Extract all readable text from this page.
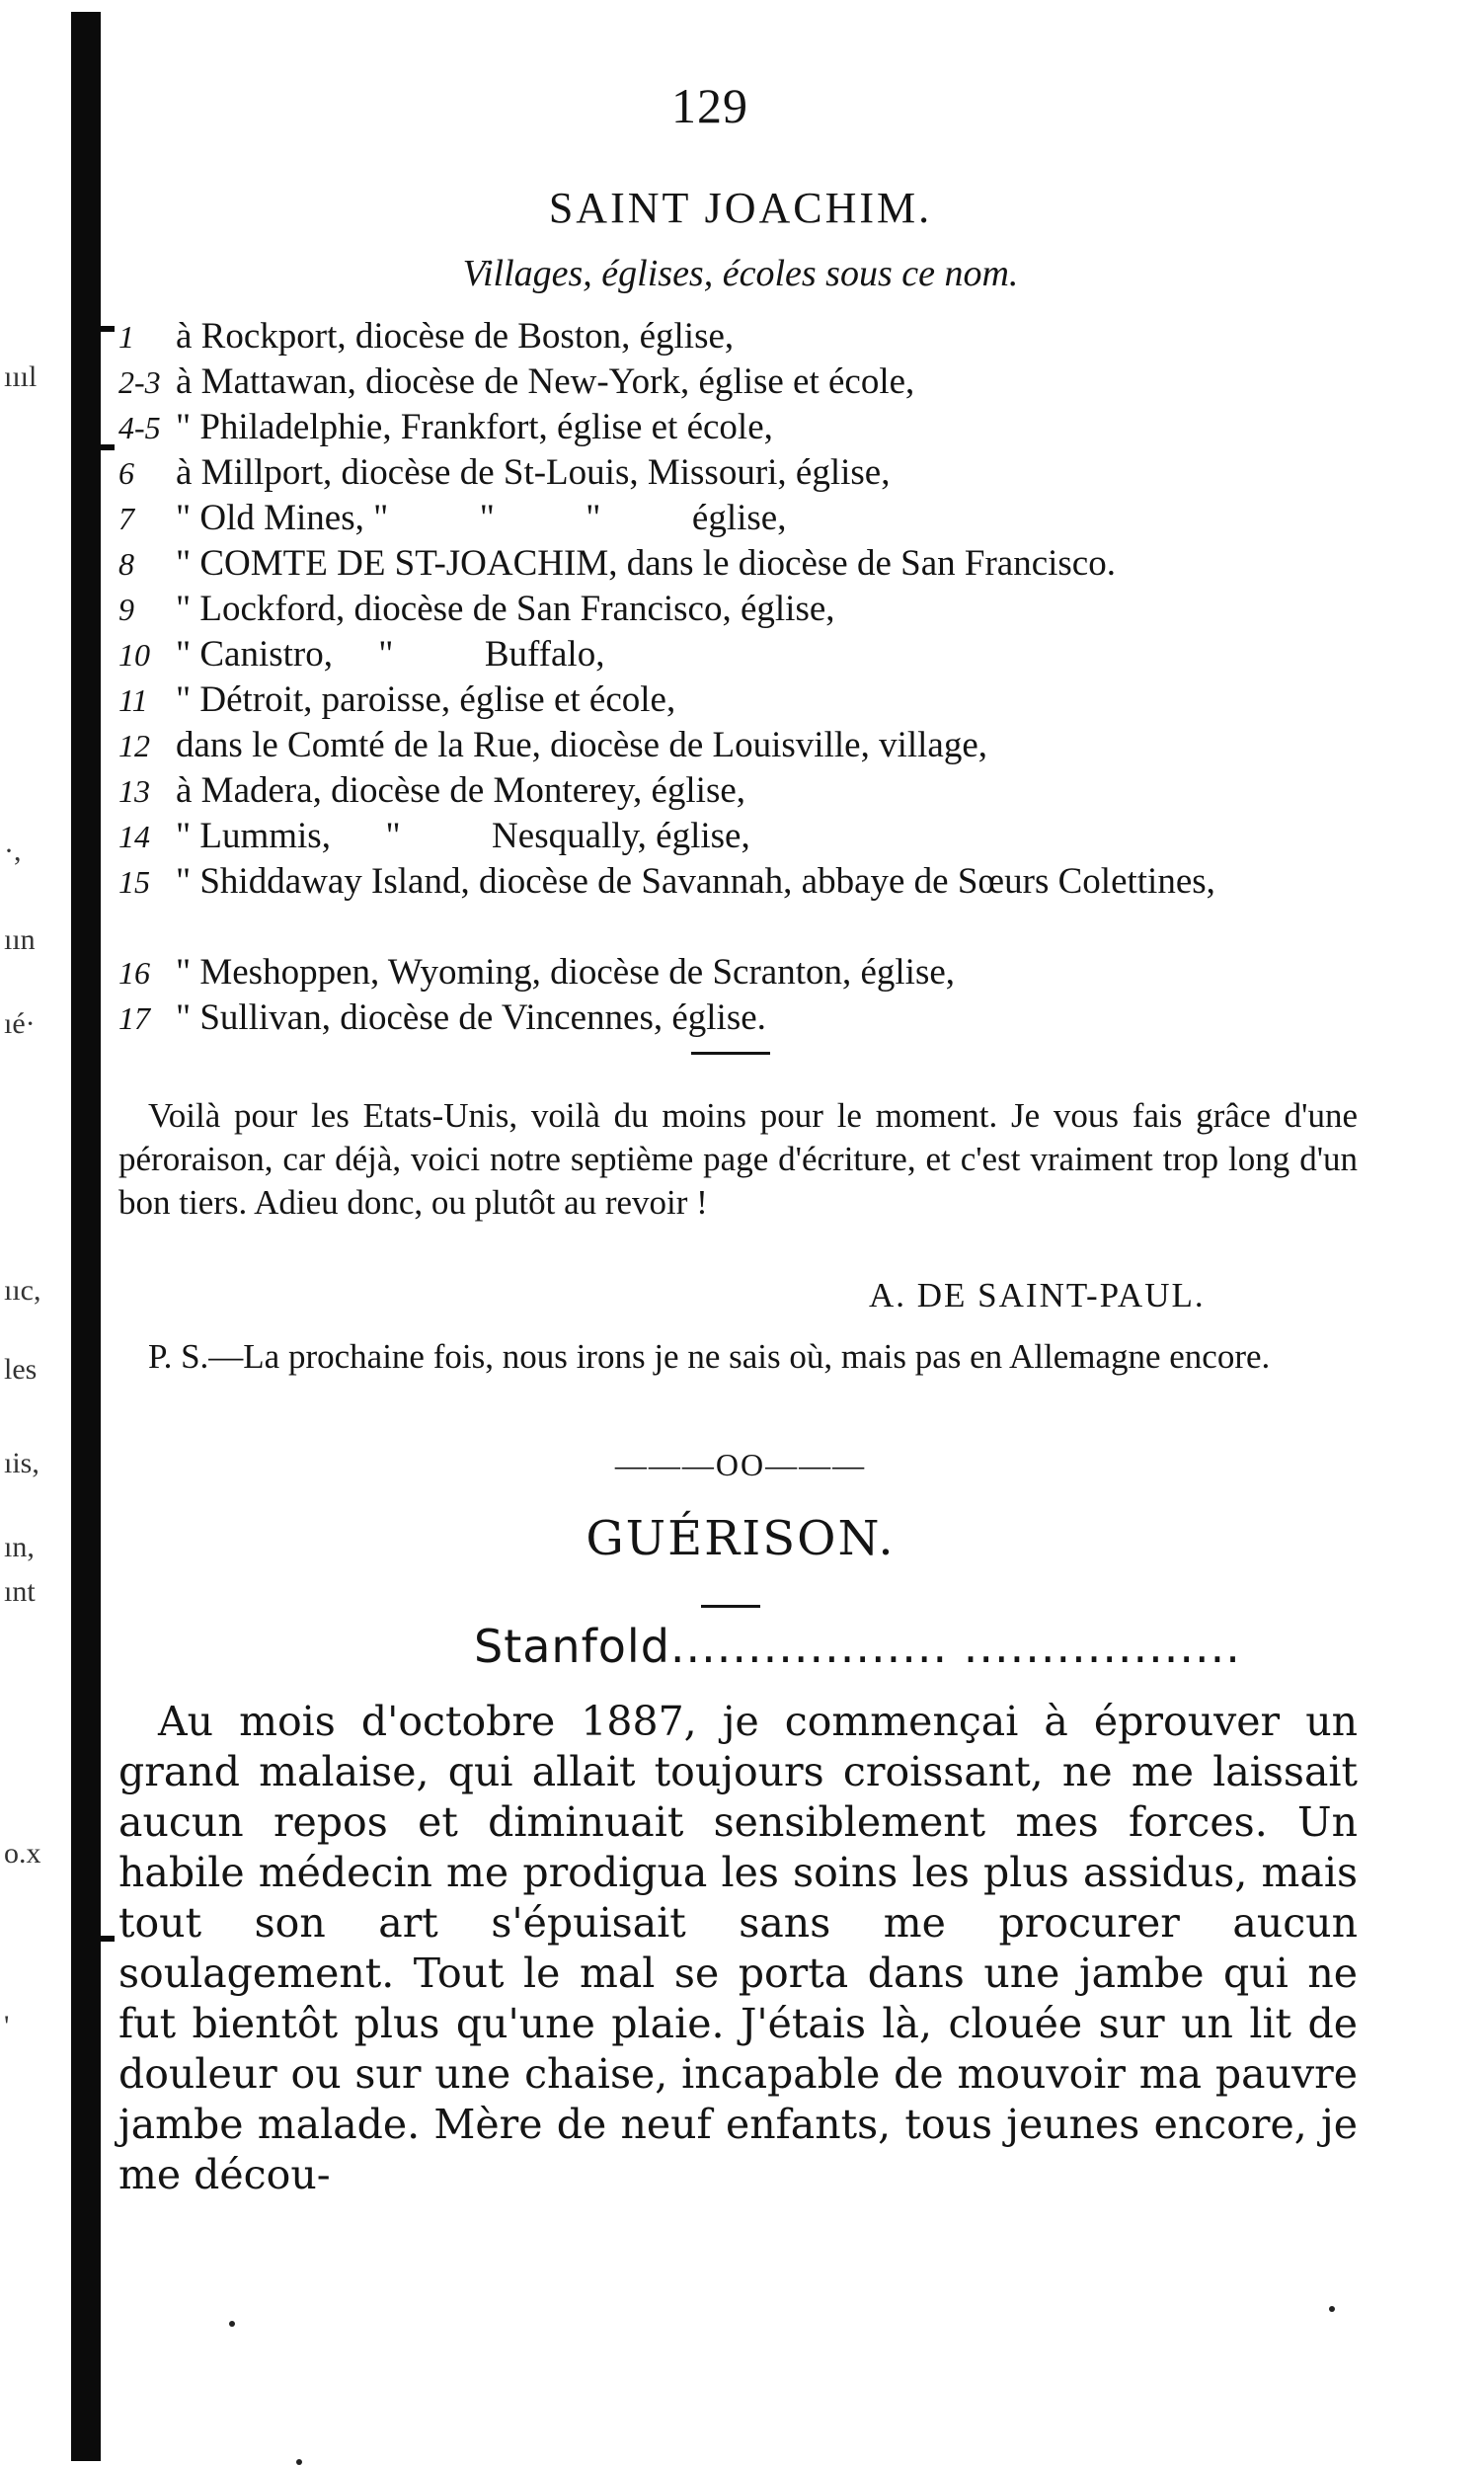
ıııl
·,
ıın
ıé·
ııc,
les
ıis,
ın,
ınt
o.x
'
129
SAINT JOACHIM.
Villages, églises, écoles sous ce nom.
1	à Rockport, diocèse de Boston, église,
2-3 à Mattawan, diocèse de New-York, église et école,
4-5 " Philadelphie, Frankfort, église et école,
6	à Millport, diocèse de St-Louis, Missouri, église,
7	" Old Mines, "          "          "          église,
8	" COMTE DE ST-JOACHIM, dans le diocèse de San Francisco.
9	" Lockford, diocèse de San Francisco, église,
10 " Canistro,     "          Buffalo,
11 " Détroit, paroisse, église et école,
12 dans le Comté de la Rue, diocèse de Louisville, village,
13 à Madera, diocèse de Monterey, église,
14 " Lummis,      "          Nesqually, église,
15 " Shiddaway Island, diocèse de Savannah, abbaye de Sœurs Colettines,
16 " Meshoppen, Wyoming, diocèse de Scranton, église,
17 " Sullivan, diocèse de Vincennes, église.
Voilà pour les Etats-Unis, voilà du moins pour le moment. Je vous fais grâce d'une péroraison, car déjà, voici notre septième page d'écriture, et c'est vraiment trop long d'un bon tiers. Adieu donc, ou plutôt au revoir !
A. DE SAINT-PAUL.
P. S.—La prochaine fois, nous irons je ne sais où, mais pas en Allemagne encore.
———OO———
GUÉRISON.
Stanfold.................. ..................
Au mois d'octobre 1887, je commençai à éprouver un grand malaise, qui allait toujours croissant, ne me laissait aucun repos et diminuait sensiblement mes forces. Un habile médecin me prodigua les soins les plus assidus, mais tout son art s'épuisait sans me procurer aucun soulagement. Tout le mal se porta dans une jambe qui ne fut bientôt plus qu'une plaie. J'étais là, clouée sur un lit de douleur ou sur une chaise, incapable de mouvoir ma pauvre jambe malade. Mère de neuf enfants, tous jeunes encore, je me décou-
